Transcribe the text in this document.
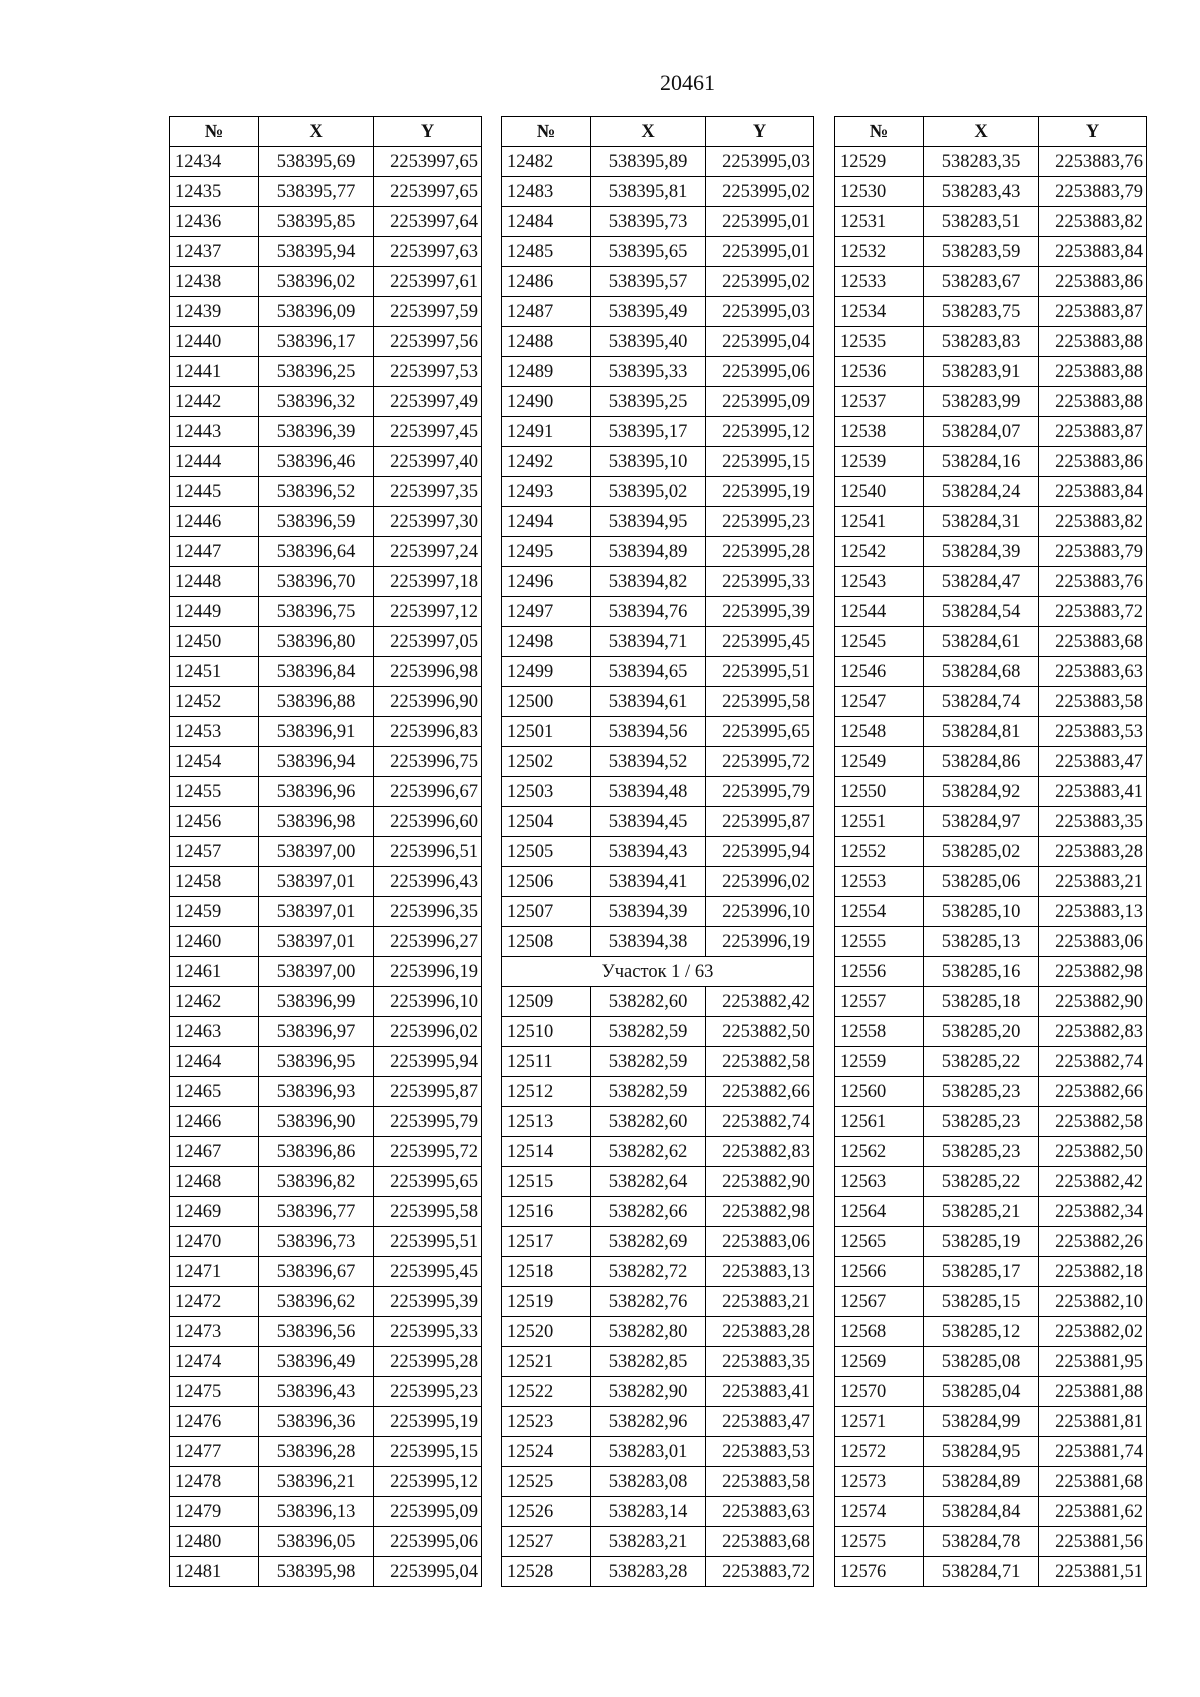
20461
№	X	Y
12434	538395,69	2253997,65
12435	538395,77	2253997,65
12436	538395,85	2253997,64
12437	538395,94	2253997,63
12438	538396,02	2253997,61
12439	538396,09	2253997,59
12440	538396,17	2253997,56
12441	538396,25	2253997,53
12442	538396,32	2253997,49
12443	538396,39	2253997,45
12444	538396,46	2253997,40
12445	538396,52	2253997,35
12446	538396,59	2253997,30
12447	538396,64	2253997,24
12448	538396,70	2253997,18
12449	538396,75	2253997,12
12450	538396,80	2253997,05
12451	538396,84	2253996,98
12452	538396,88	2253996,90
12453	538396,91	2253996,83
12454	538396,94	2253996,75
12455	538396,96	2253996,67
12456	538396,98	2253996,60
12457	538397,00	2253996,51
12458	538397,01	2253996,43
12459	538397,01	2253996,35
12460	538397,01	2253996,27
12461	538397,00	2253996,19
12462	538396,99	2253996,10
12463	538396,97	2253996,02
12464	538396,95	2253995,94
12465	538396,93	2253995,87
12466	538396,90	2253995,79
12467	538396,86	2253995,72
12468	538396,82	2253995,65
12469	538396,77	2253995,58
12470	538396,73	2253995,51
12471	538396,67	2253995,45
12472	538396,62	2253995,39
12473	538396,56	2253995,33
12474	538396,49	2253995,28
12475	538396,43	2253995,23
12476	538396,36	2253995,19
12477	538396,28	2253995,15
12478	538396,21	2253995,12
12479	538396,13	2253995,09
12480	538396,05	2253995,06
12481	538395,98	2253995,04
№	X	Y
12482	538395,89	2253995,03
12483	538395,81	2253995,02
12484	538395,73	2253995,01
12485	538395,65	2253995,01
12486	538395,57	2253995,02
12487	538395,49	2253995,03
12488	538395,40	2253995,04
12489	538395,33	2253995,06
12490	538395,25	2253995,09
12491	538395,17	2253995,12
12492	538395,10	2253995,15
12493	538395,02	2253995,19
12494	538394,95	2253995,23
12495	538394,89	2253995,28
12496	538394,82	2253995,33
12497	538394,76	2253995,39
12498	538394,71	2253995,45
12499	538394,65	2253995,51
12500	538394,61	2253995,58
12501	538394,56	2253995,65
12502	538394,52	2253995,72
12503	538394,48	2253995,79
12504	538394,45	2253995,87
12505	538394,43	2253995,94
12506	538394,41	2253996,02
12507	538394,39	2253996,10
12508	538394,38	2253996,19
Участок 1 / 63		
12509	538282,60	2253882,42
12510	538282,59	2253882,50
12511	538282,59	2253882,58
12512	538282,59	2253882,66
12513	538282,60	2253882,74
12514	538282,62	2253882,83
12515	538282,64	2253882,90
12516	538282,66	2253882,98
12517	538282,69	2253883,06
12518	538282,72	2253883,13
12519	538282,76	2253883,21
12520	538282,80	2253883,28
12521	538282,85	2253883,35
12522	538282,90	2253883,41
12523	538282,96	2253883,47
12524	538283,01	2253883,53
12525	538283,08	2253883,58
12526	538283,14	2253883,63
12527	538283,21	2253883,68
12528	538283,28	2253883,72
№	X	Y
12529	538283,35	2253883,76
12530	538283,43	2253883,79
12531	538283,51	2253883,82
12532	538283,59	2253883,84
12533	538283,67	2253883,86
12534	538283,75	2253883,87
12535	538283,83	2253883,88
12536	538283,91	2253883,88
12537	538283,99	2253883,88
12538	538284,07	2253883,87
12539	538284,16	2253883,86
12540	538284,24	2253883,84
12541	538284,31	2253883,82
12542	538284,39	2253883,79
12543	538284,47	2253883,76
12544	538284,54	2253883,72
12545	538284,61	2253883,68
12546	538284,68	2253883,63
12547	538284,74	2253883,58
12548	538284,81	2253883,53
12549	538284,86	2253883,47
12550	538284,92	2253883,41
12551	538284,97	2253883,35
12552	538285,02	2253883,28
12553	538285,06	2253883,21
12554	538285,10	2253883,13
12555	538285,13	2253883,06
12556	538285,16	2253882,98
12557	538285,18	2253882,90
12558	538285,20	2253882,83
12559	538285,22	2253882,74
12560	538285,23	2253882,66
12561	538285,23	2253882,58
12562	538285,23	2253882,50
12563	538285,22	2253882,42
12564	538285,21	2253882,34
12565	538285,19	2253882,26
12566	538285,17	2253882,18
12567	538285,15	2253882,10
12568	538285,12	2253882,02
12569	538285,08	2253881,95
12570	538285,04	2253881,88
12571	538284,99	2253881,81
12572	538284,95	2253881,74
12573	538284,89	2253881,68
12574	538284,84	2253881,62
12575	538284,78	2253881,56
12576	538284,71	2253881,51
